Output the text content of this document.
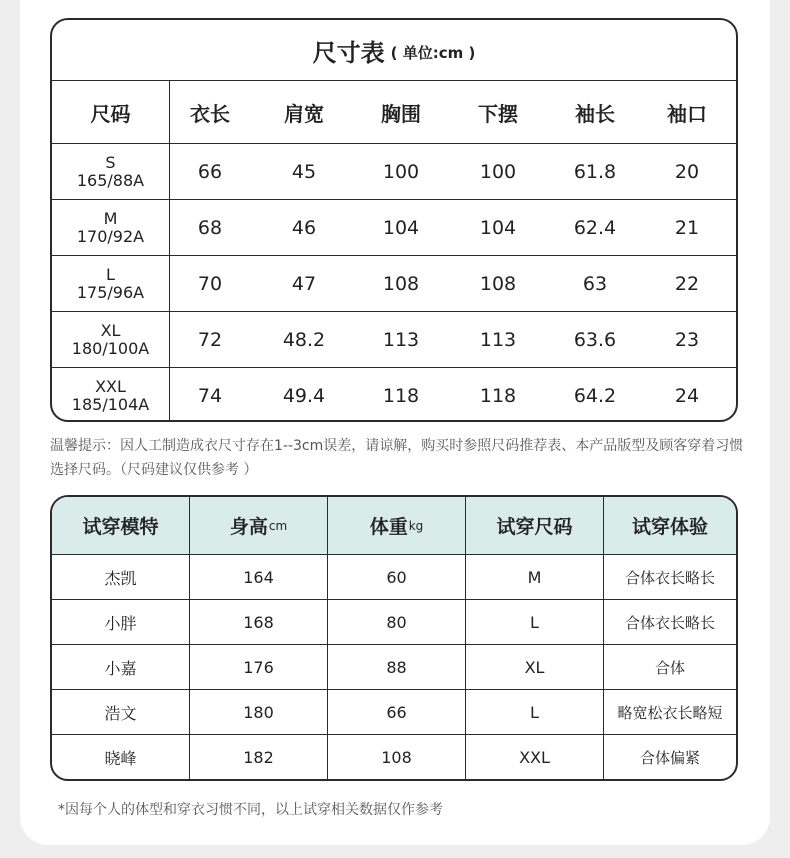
尺寸表 ( 单位:cm )
尺码	衣长	肩宽	胸围	下摆	袖长	袖口
S
165/88A	66	45	100	100	61.8	20
M
170/92A	68	46	104	104	62.4	21
L
175/96A	70	47	108	108	63	22
XL
180/100A	72	48.2	113	113	63.6	23
XXL
185/104A	74	49.4	118	118	64.2	24
温馨提示：因人工制造成衣尺寸存在1--3cm误差，请谅解，购买时参照尺码推荐表、本产品版型及顾客穿着习惯选择尺码。（尺码建议仅供参考 ）
试穿模特	身高 cm	体重 kg	试穿尺码	试穿体验
杰凯	164	60	M	合体衣长略长
小胖	168	80	L	合体衣长略长
小嘉	176	88	XL	合体
浩文	180	66	L	略宽松衣长略短
晓峰	182	108	XXL	合体偏紧
*因每个人的体型和穿衣习惯不同，以上试穿相关数据仅作参考
